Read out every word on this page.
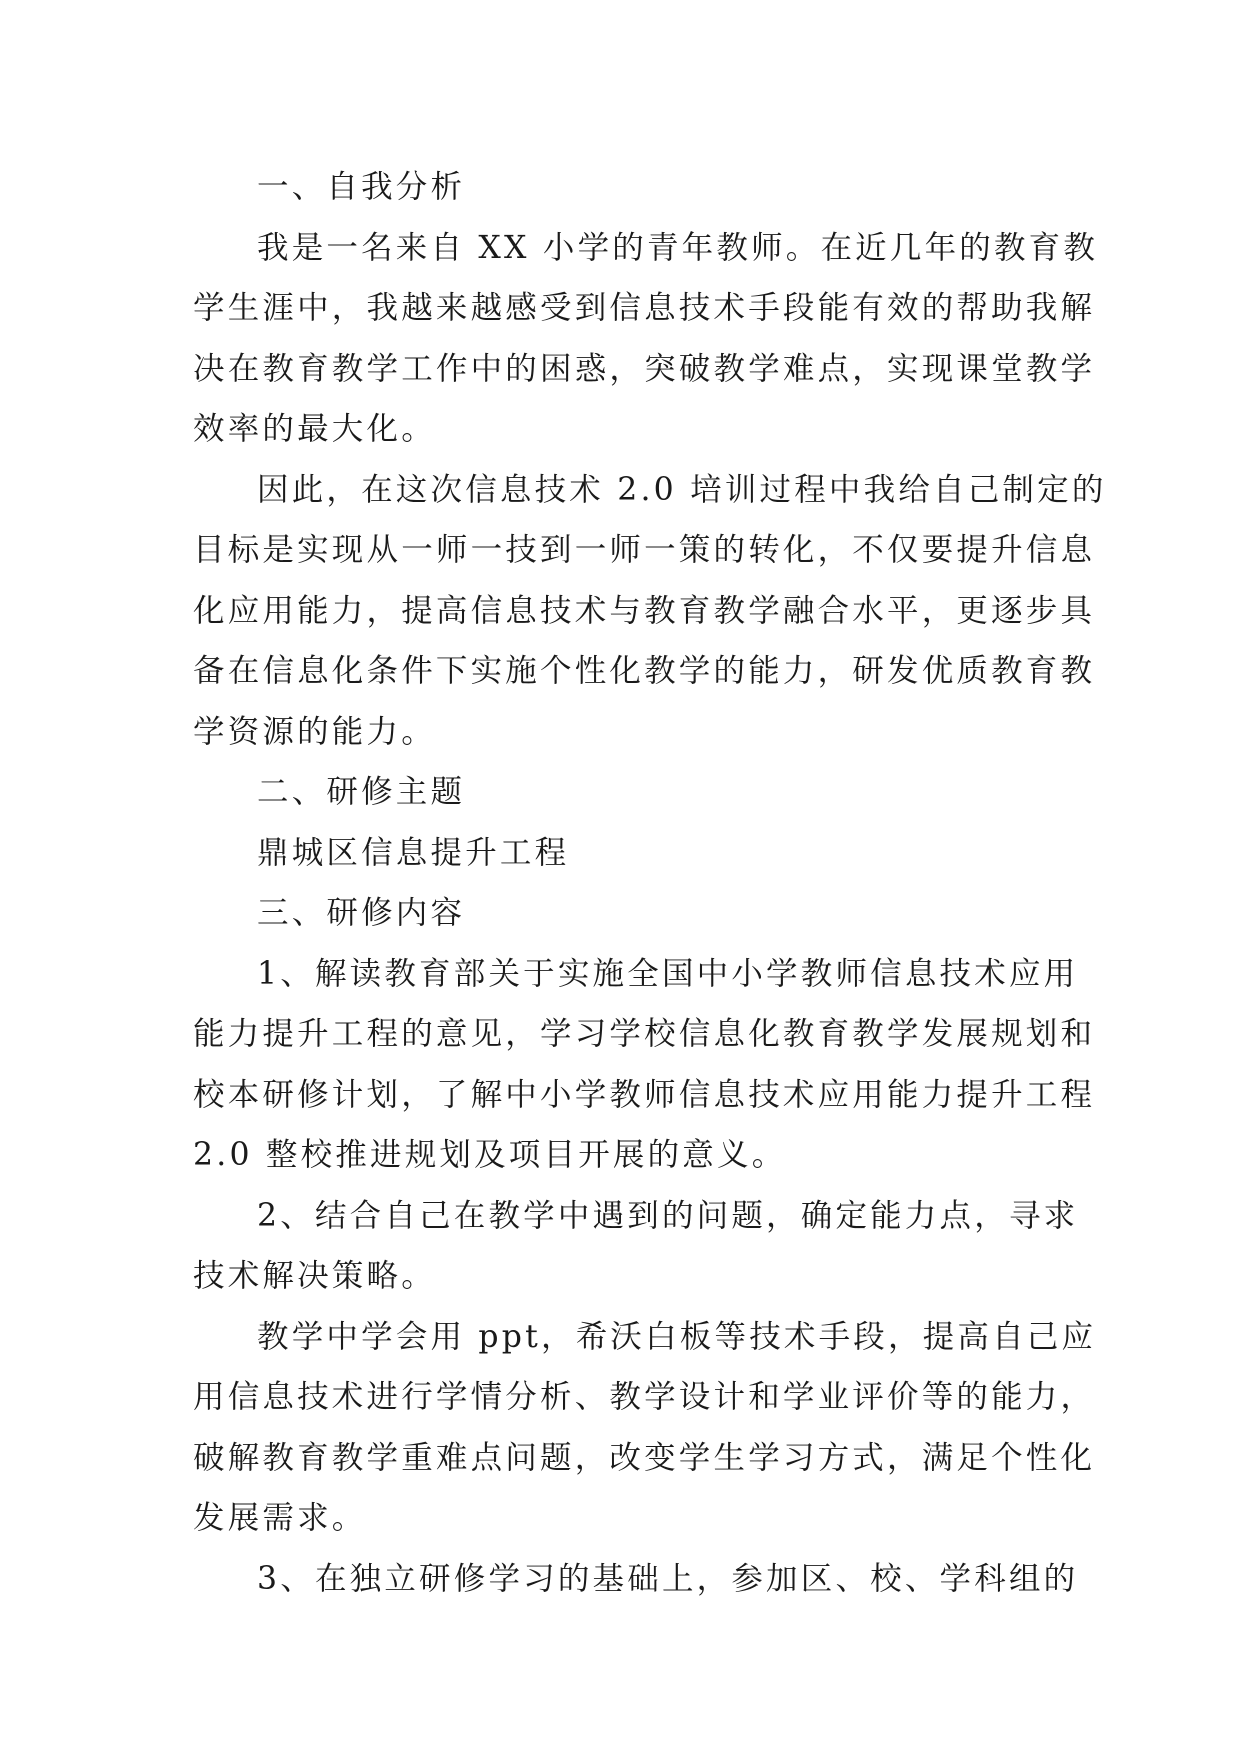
一、自我分析
我是一名来自 XX 小学的青年教师。在近几年的教育教
学生涯中，我越来越感受到信息技术手段能有效的帮助我解
决在教育教学工作中的困惑，突破教学难点，实现课堂教学
效率的最大化。
因此，在这次信息技术 2.0 培训过程中我给自己制定的
目标是实现从一师一技到一师一策的转化，不仅要提升信息
化应用能力，提高信息技术与教育教学融合水平，更逐步具
备在信息化条件下实施个性化教学的能力，研发优质教育教
学资源的能力。
二、研修主题
鼎城区信息提升工程
三、研修内容
1、解读教育部关于实施全国中小学教师信息技术应用
能力提升工程的意见，学习学校信息化教育教学发展规划和
校本研修计划，了解中小学教师信息技术应用能力提升工程
2.0 整校推进规划及项目开展的意义。
2、结合自己在教学中遇到的问题，确定能力点，寻求
技术解决策略。
教学中学会用 ppt，希沃白板等技术手段，提高自己应
用信息技术进行学情分析、教学设计和学业评价等的能力，
破解教育教学重难点问题，改变学生学习方式，满足个性化
发展需求。
3、在独立研修学习的基础上，参加区、校、学科组的
